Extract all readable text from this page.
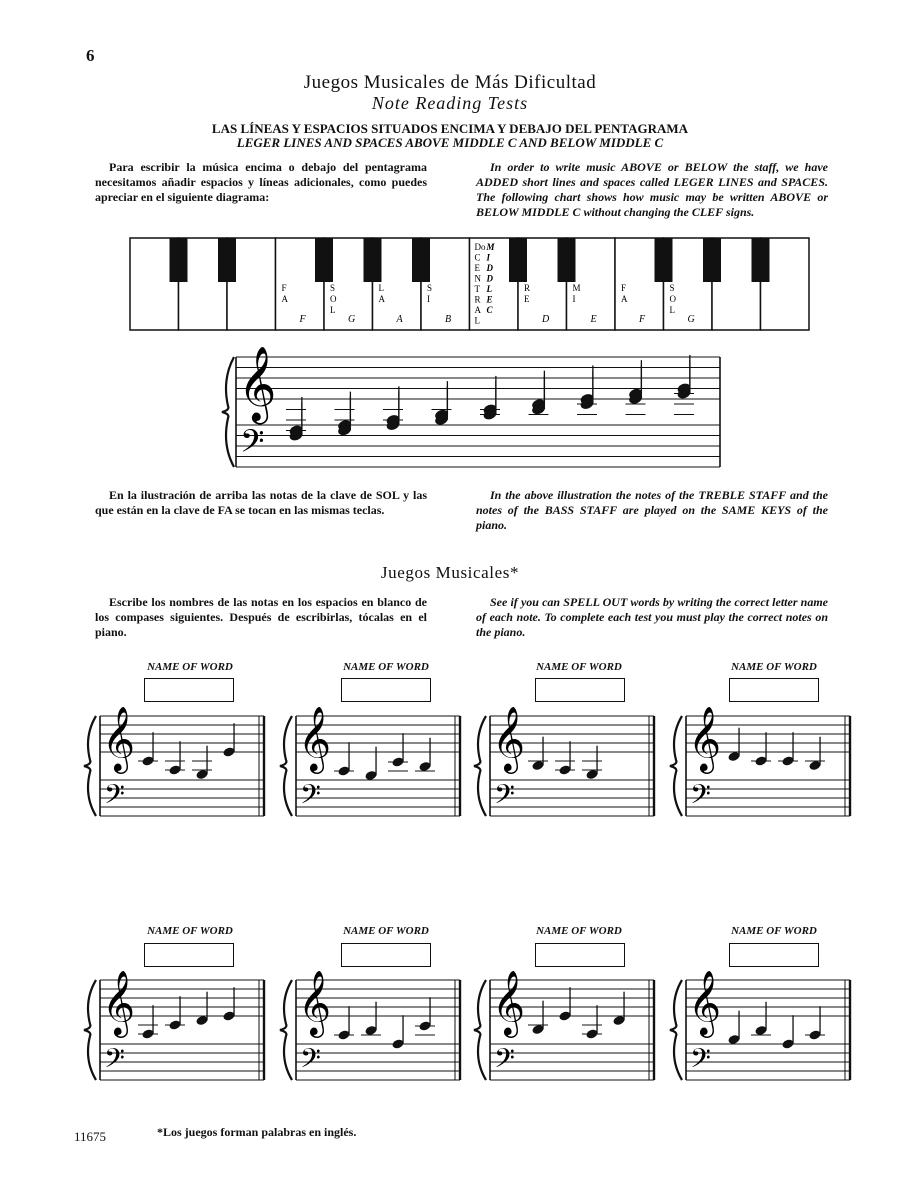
6
Juegos Musicales de Más Dificultad
Note Reading Tests
LAS LÍNEAS Y ESPACIOS SITUADOS ENCIMA Y DEBAJO DEL PENTAGRAMA
LEGER LINES AND SPACES ABOVE MIDDLE C AND BELOW MIDDLE C
Para escribir la música encima o debajo del pentagrama necesitamos añadir espacios y líneas adicionales, como puedes apreciar en el siguiente diagrama:
In order to write music ABOVE or BELOW the staff, we have ADDED short lines and spaces called LEGER LINES and SPACES. The following chart shows how music may be written ABOVE or BELOW MIDDLE C without changing the CLEF signs.
F
A
F
S
O
L
G
L
A
A
S
I
B
Do
C
E
N
T
R
A
L
M
I
D
D
L
E
C
R
E
D
M
I
E
F
A
F
S
O
L
G
𝄞
𝄢
En la ilustración de arriba las notas de la clave de SOL y las que están en la clave de FA se tocan en las mismas teclas.
In the above illustration the notes of the TREBLE STAFF and the notes of the BASS STAFF are played on the SAME KEYS of the piano.
Juegos Musicales*
Escribe los nombres de las notas en los espacios en blanco de los compases siguientes. Después de escribirlas, tócalas en el piano.
See if you can SPELL OUT words by writing the correct letter name of each note. To complete each test you must play the correct notes on the piano.
NAME OF WORD	NAME OF WORD	NAME OF WORD	NAME OF WORD
NAME OF WORD	NAME OF WORD	NAME OF WORD	NAME OF WORD
𝄞
𝄢
𝄞
𝄢
𝄞
𝄢
𝄞
𝄢
𝄞
𝄢
𝄞
𝄢
𝄞
𝄢
𝄞
𝄢
11675	*Los juegos forman palabras en inglés.
